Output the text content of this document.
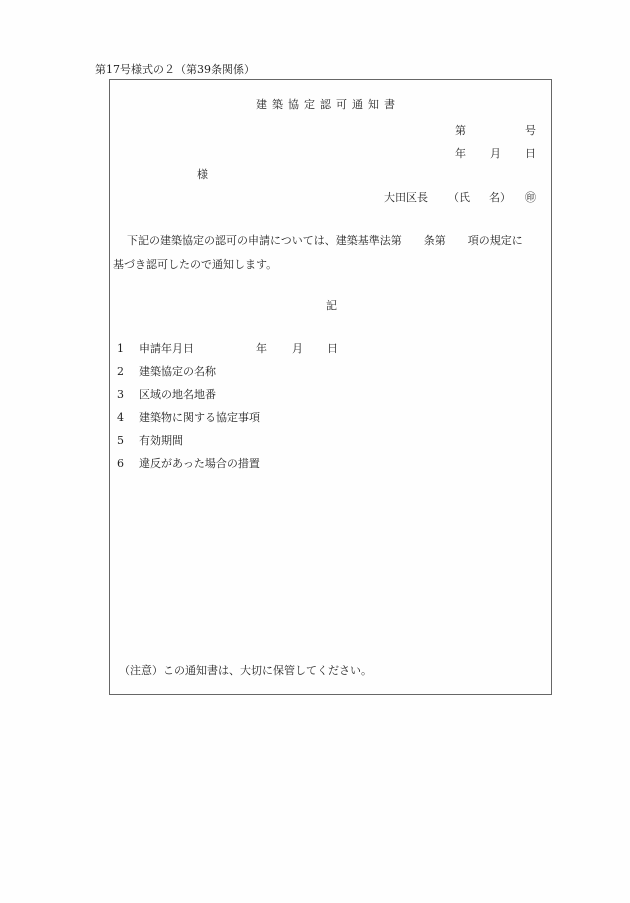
第17号様式の２（第39条関係）
建築協定認可通知書
第	号
年 月 日
様
大田区長 （氏 名） ㊞
下記の建築協定の認可の申請については、建築基準法第　　条第　　項の規定に
基づき認可したので通知します。
記
1 申請年月日	年 月 日
2 建築協定の名称
3 区域の地名地番
4 建築物に関する協定事項
5 有効期間
6 違反があった場合の措置
（注意）この通知書は、大切に保管してください。
